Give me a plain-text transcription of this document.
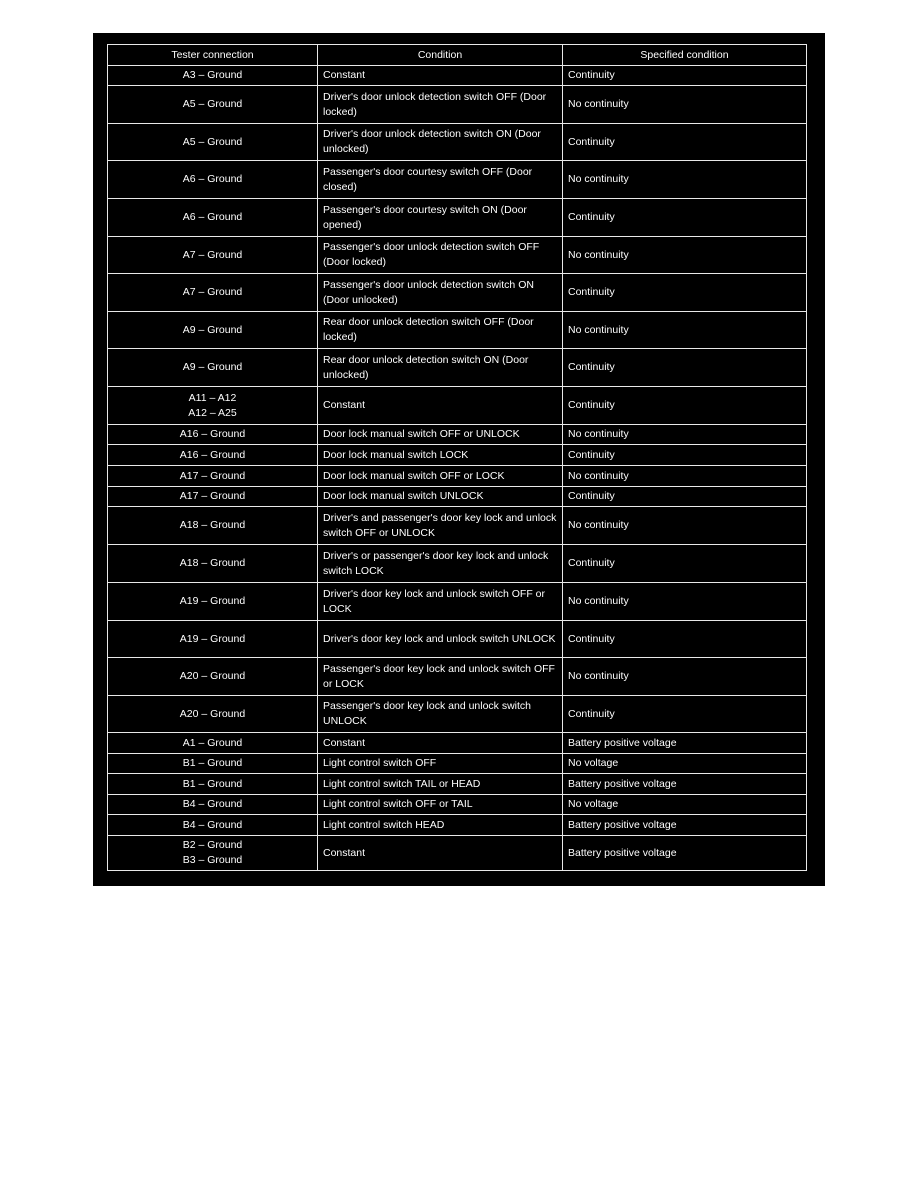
Tester connection	Condition	Specified condition

A3 – Ground	Constant	Continuity

A5 – Ground	Driver's door unlock detection switch OFF (Door locked)	No continuity

A5 – Ground	Driver's door unlock detection switch ON (Door unlocked)	Continuity

A6 – Ground	Passenger's door courtesy switch OFF (Door closed)	No continuity

A6 – Ground	Passenger's door courtesy switch ON (Door opened)	Continuity

A7 – Ground	Passenger's door unlock detection switch OFF (Door locked)	No continuity

A7 – Ground	Passenger's door unlock detection switch ON (Door unlocked)	Continuity

A9 – Ground	Rear door unlock detection switch OFF (Door locked)	No continuity

A9 – Ground	Rear door unlock detection switch ON (Door unlocked)	Continuity

A11 – A12
A12 – A25	Constant	Continuity

A16 – Ground	Door lock manual switch OFF or UNLOCK	No continuity

A16 – Ground	Door lock manual switch LOCK	Continuity

A17 – Ground	Door lock manual switch OFF or LOCK	No continuity

A17 – Ground	Door lock manual switch UNLOCK	Continuity

A18 – Ground	Driver's and passenger's door key lock and unlock switch OFF or UNLOCK	No continuity

A18 – Ground	Driver's or passenger's door key lock and unlock switch LOCK	Continuity

A19 – Ground	Driver's door key lock and unlock switch OFF or LOCK	No continuity

A19 – Ground	Driver's door key lock and unlock switch UNLOCK	Continuity

A20 – Ground	Passenger's door key lock and unlock switch OFF or LOCK	No continuity

A20 – Ground	Passenger's door key lock and unlock switch UNLOCK	Continuity

A1 – Ground	Constant	Battery positive voltage

B1 – Ground	Light control switch OFF	No voltage

B1 – Ground	Light control switch TAIL or HEAD	Battery positive voltage

B4 – Ground	Light control switch OFF or TAIL	No voltage

B4 – Ground	Light control switch HEAD	Battery positive voltage

B2 – Ground
B3 – Ground	Constant	Battery positive voltage
